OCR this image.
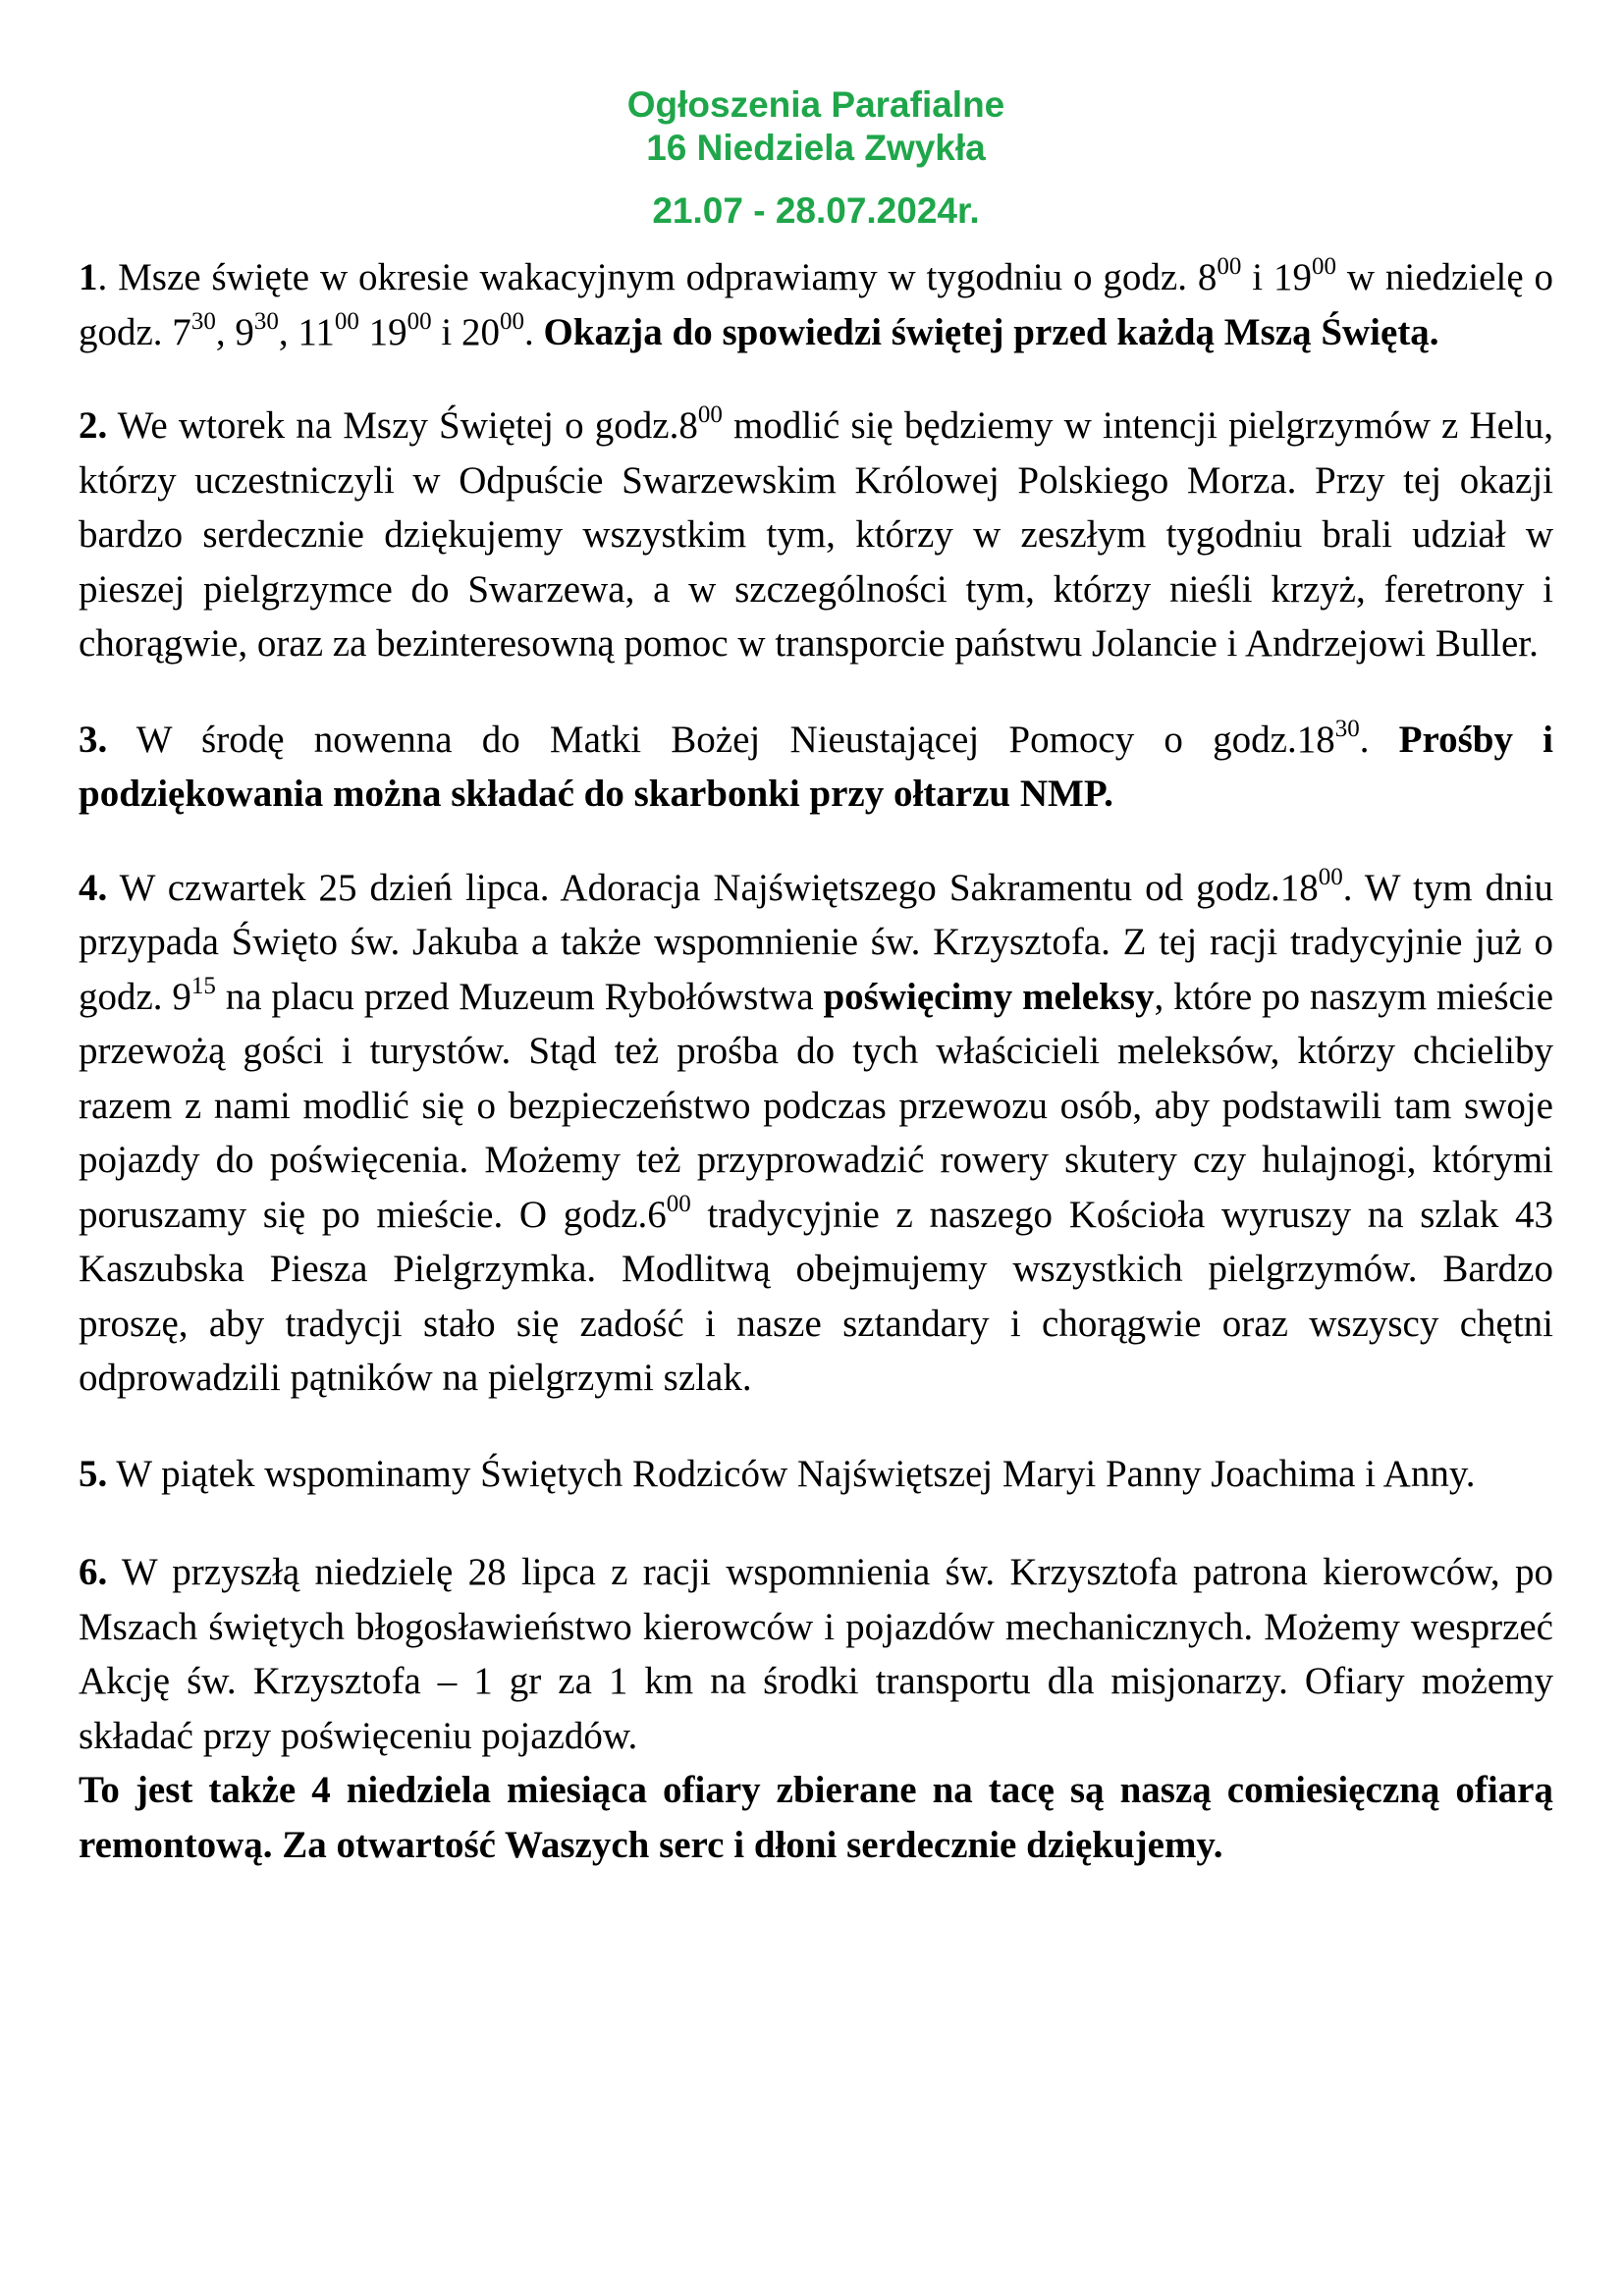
Ogłoszenia Parafialne
16 Niedziela Zwykła
21.07 - 28.07.2024r.

1. Msze święte w okresie wakacyjnym odprawiamy w tygodniu o godz. $8^{00}$ i $19^{00}$ w niedzielę o godz. $7^{30}$, $9^{30}$, $11^{00}$ $19^{00}$ i $20^{00}$. Okazja do spowiedzi świętej przed każdą Mszą Świętą.

2. We wtorek na Mszy Świętej o $godz.8^{00}$ modlić się będziemy w intencji pielgrzymów z Helu, którzy uczestniczyli w Odpuście Swarzewskim Królowej Polskiego Morza. Przy tej okazji bardzo serdecznie dziękujemy wszystkim tym, którzy w zeszłym tygodniu brali udział w pieszej pielgrzymce do Swarzewa, a w szczególności tym, którzy nieśli krzyż, feretrony i chorągwie, oraz za bezinteresowną pomoc w transporcie państwu Jolancie i Andrzejowi Buller.

3. W środę nowenna do Matki Bożej Nieustającej Pomocy o $godz.18^{30}$. Prośby i podziękowania można składać do skarbonki przy ołtarzu NMP.

4. W czwartek 25 dzień lipca. Adoracja Najświętszego Sakramentu od $godz.18^{00}$. W tym dniu przypada Święto św. Jakuba a także wspomnienie św. Krzysztofa. Z tej racji tradycyjnie już o godz. $9^{15}$ na placu przed Muzeum Rybołówstwa poświęcimy meleksy, które po naszym mieście przewożą gości i turystów. Stąd też prośba do tych właścicieli meleksów, którzy chcieliby razem z nami modlić się o bezpieczeństwo podczas przewozu osób, aby podstawili tam swoje pojazdy do poświęcenia. Możemy też przyprowadzić rowery skutery czy hulajnogi, którymi poruszamy się po mieście. O $godz.6^{00}$ tradycyjnie z naszego Kościoła wyruszy na szlak 43 Kaszubska Piesza Pielgrzymka. Modlitwą obejmujemy wszystkich pielgrzymów. Bardzo proszę, aby tradycji stało się zadość i nasze sztandary i chorągwie oraz wszyscy chętni odprowadzili pątników na pielgrzymi szlak.

5. W piątek wspominamy Świętych Rodziców Najświętszej Maryi Panny Joachima i Anny.

6. W przyszłą niedzielę 28 lipca z racji wspomnienia św. Krzysztofa patrona kierowców, po Mszach świętych błogosławieństwo kierowców i pojazdów mechanicznych. Możemy wesprzeć Akcję św. Krzysztofa – 1 gr za 1 km na środki transportu dla misjonarzy. Ofiary możemy składać przy poświęceniu pojazdów.

To jest także 4 niedziela miesiąca ofiary zbierane na tacę są naszą comiesięczną ofiarą remontową. Za otwartość Waszych serc i dłoni serdecznie dziękujemy.
